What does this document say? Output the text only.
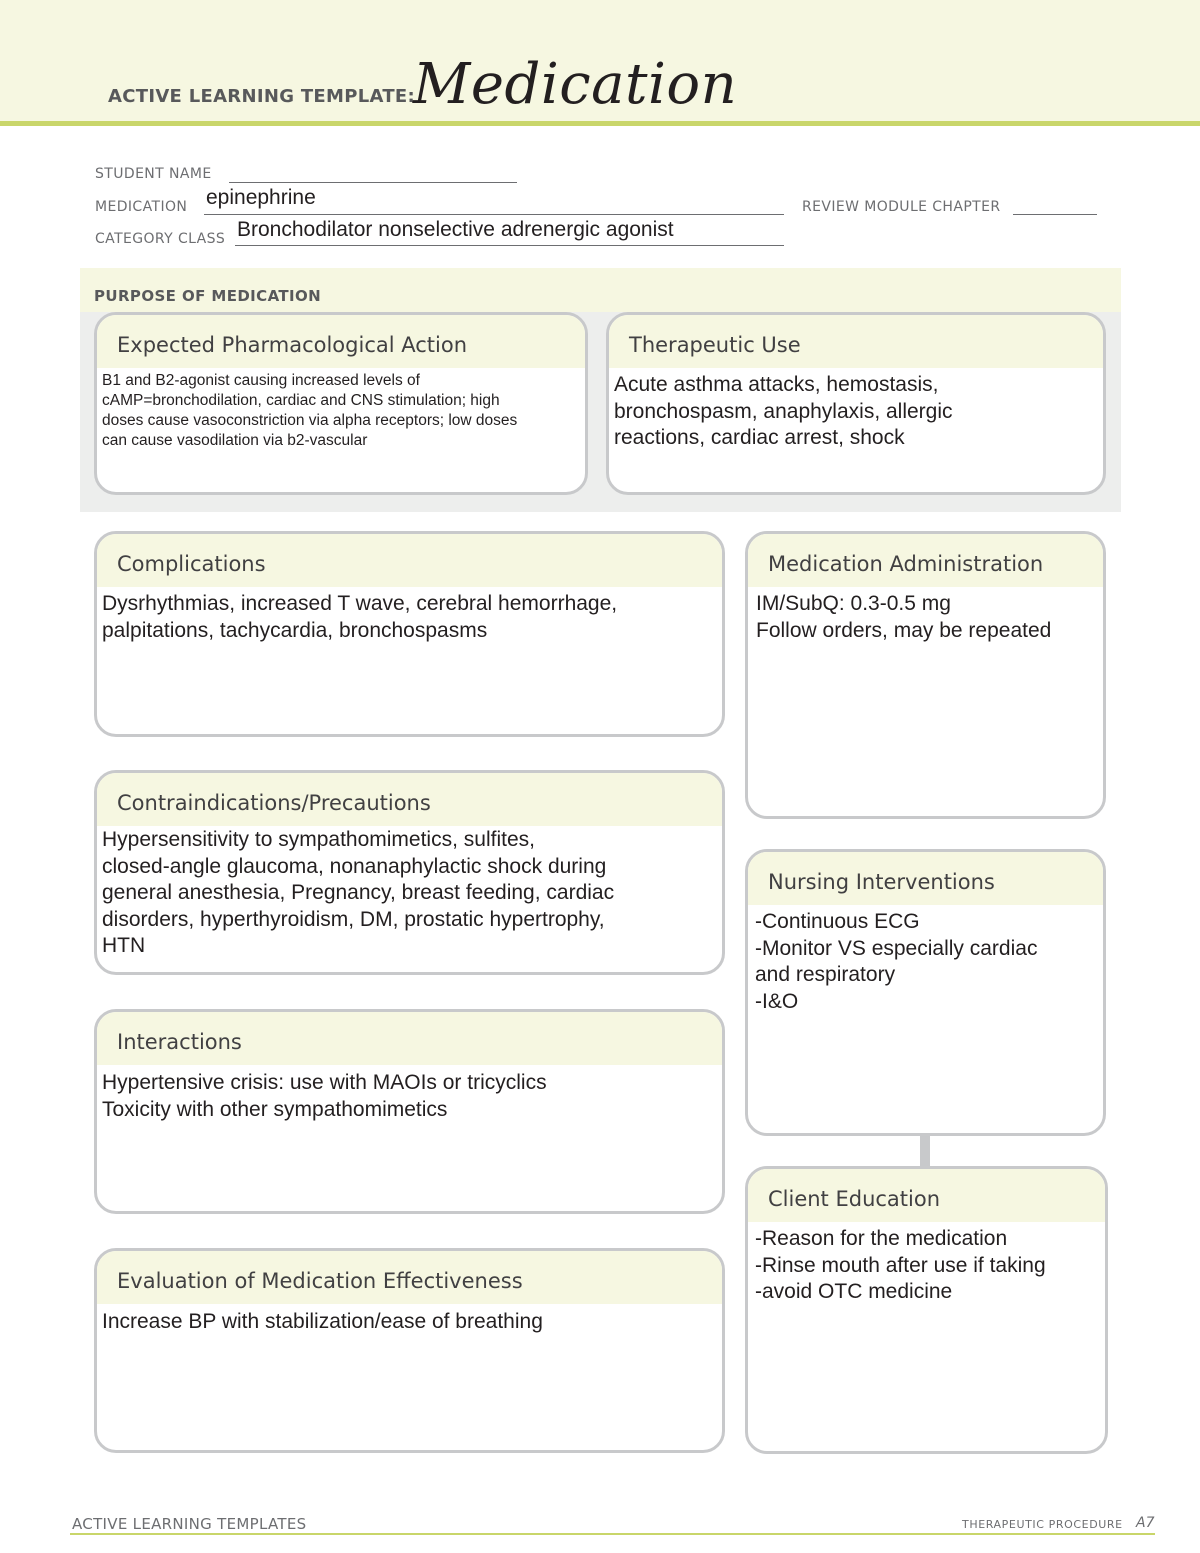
ACTIVE LEARNING TEMPLATE:
Medication
STUDENT NAME
MEDICATION epinephrine	REVIEW MODULE CHAPTER
CATEGORY CLASS Bronchodilator nonselective adrenergic agonist
PURPOSE OF MEDICATION
Expected Pharmacological Action
B1 and B2-agonist causing increased levels of
cAMP=bronchodilation, cardiac and CNS stimulation; high
doses cause vasoconstriction via alpha receptors; low doses
can cause vasodilation via b2-vascular
Therapeutic Use
Acute asthma attacks, hemostasis,
bronchospasm, anaphylaxis, allergic
reactions, cardiac arrest, shock
Complications
Dysrhythmias, increased T wave, cerebral hemorrhage,
palpitations, tachycardia, bronchospasms
Contraindications/Precautions
Hypersensitivity to sympathomimetics, sulfites,
closed-angle glaucoma, nonanaphylactic shock during
general anesthesia, Pregnancy, breast feeding, cardiac
disorders, hyperthyroidism, DM, prostatic hypertrophy,
HTN
Interactions
Hypertensive crisis: use with MAOIs or tricyclics
Toxicity with other sympathomimetics
Evaluation of Medication Effectiveness
Increase BP with stabilization/ease of breathing
Medication Administration
IM/SubQ: 0.3-0.5 mg
Follow orders, may be repeated
Nursing Interventions
-Continuous ECG
-Monitor VS especially cardiac
and respiratory
-I&O
Client Education
-Reason for the medication
-Rinse mouth after use if taking
-avoid OTC medicine
ACTIVE LEARNING TEMPLATES	THERAPEUTIC PROCEDURE A7
